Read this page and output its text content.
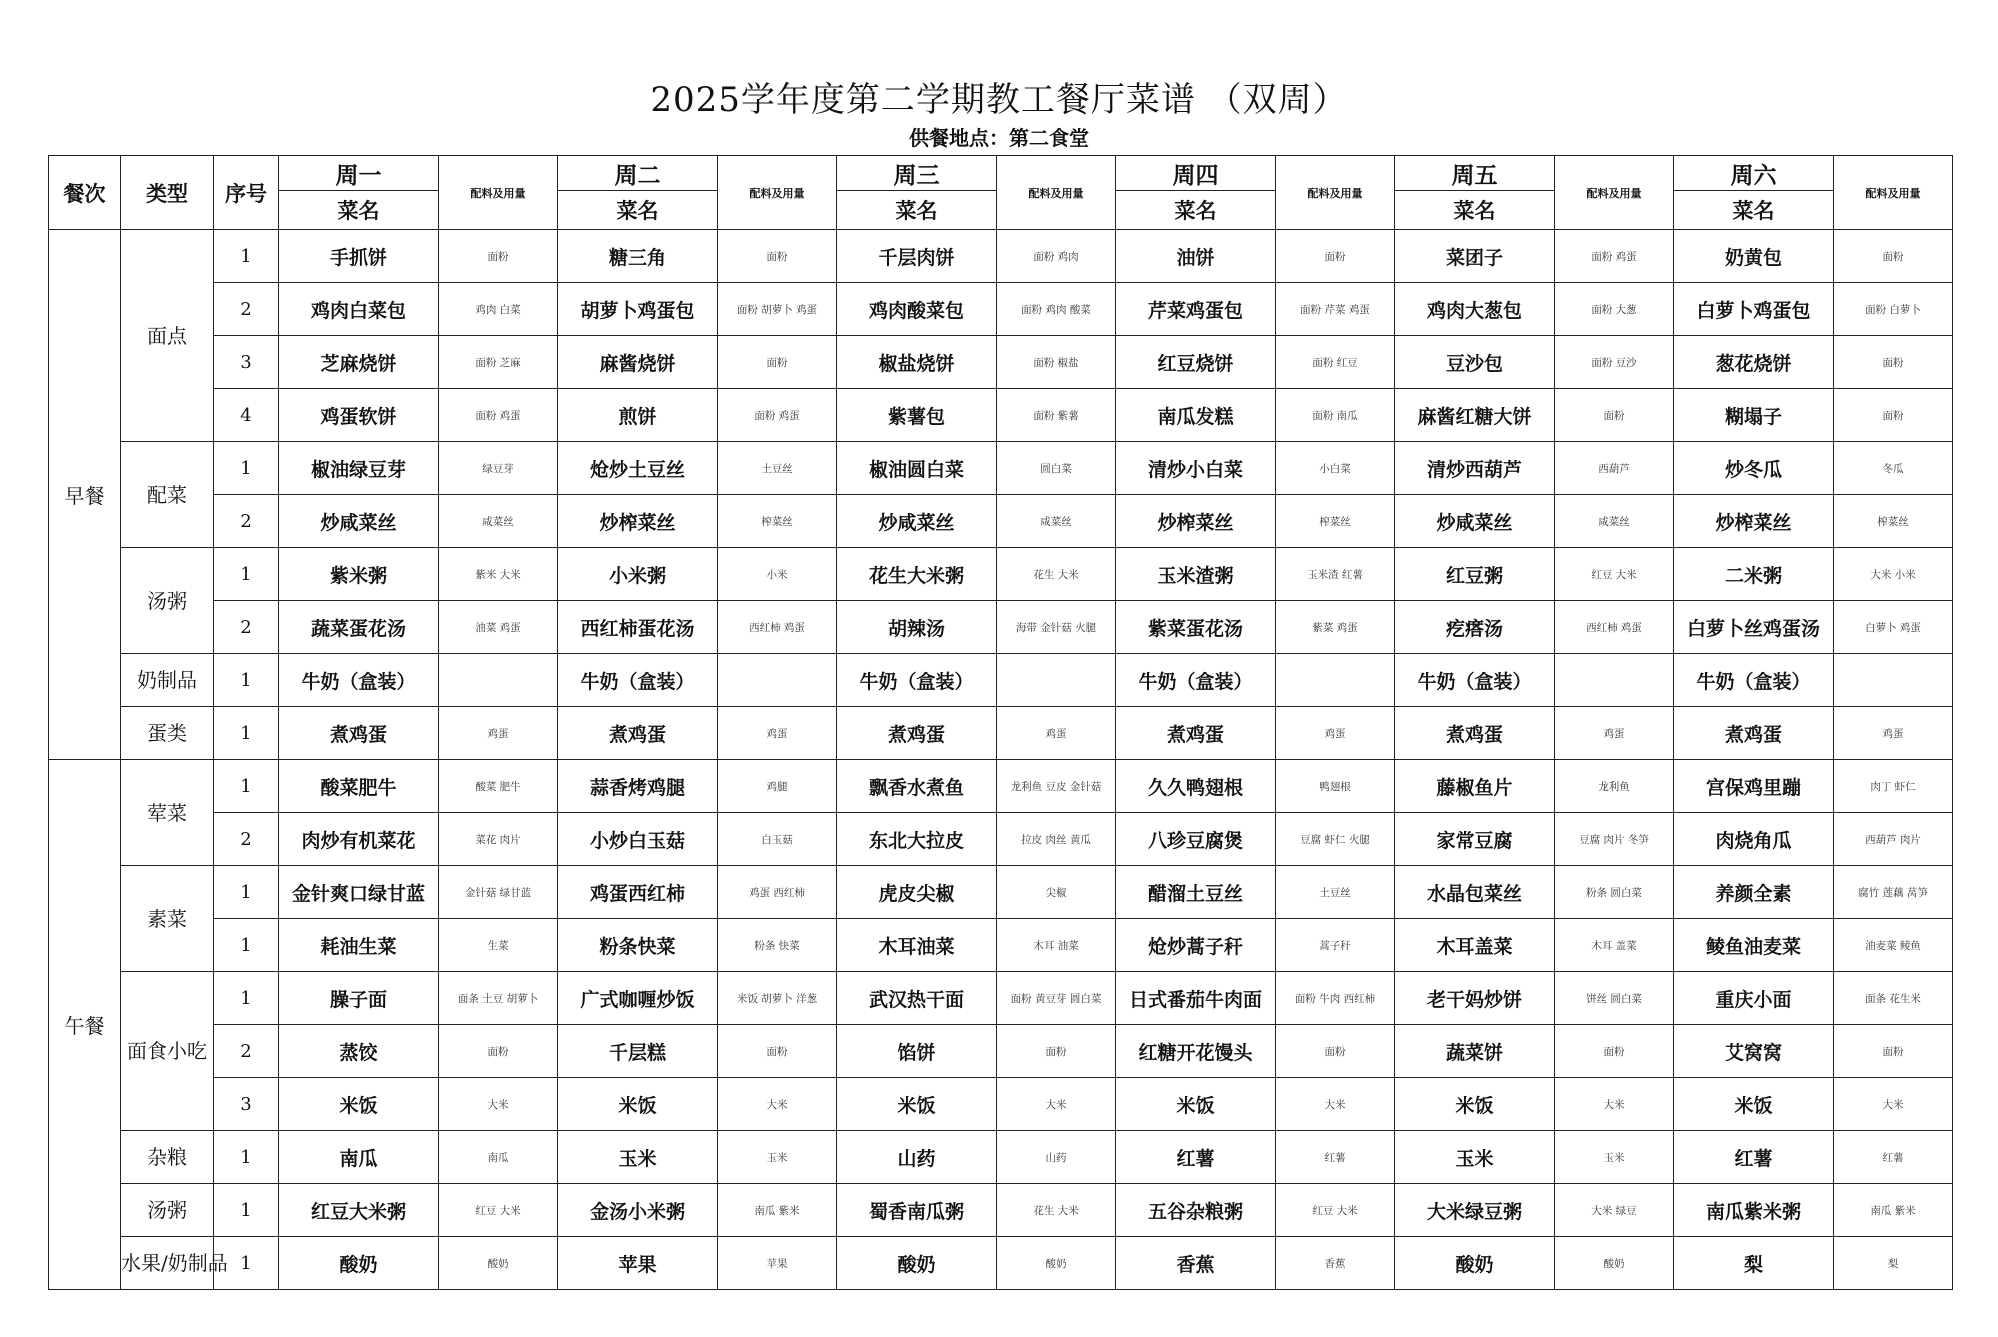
2025学年度第二学期教工餐厅菜谱 （双周）
供餐地点：第二食堂
餐次	类型	序号	周一	配料及用量	周二	配料及用量	周三	配料及用量	周四	配料及用量	周五	配料及用量	周六	配料及用量
			菜名		菜名		菜名		菜名		菜名		菜名	
早餐	面点	1	手抓饼	面粉	糖三角	面粉	千层肉饼	面粉 鸡肉	油饼	面粉	菜团子	面粉 鸡蛋	奶黄包	面粉
		2	鸡肉白菜包	鸡肉 白菜	胡萝卜鸡蛋包	面粉 胡萝卜 鸡蛋	鸡肉酸菜包	面粉 鸡肉 酸菜	芹菜鸡蛋包	面粉 芹菜 鸡蛋	鸡肉大葱包	面粉 大葱	白萝卜鸡蛋包	面粉 白萝卜
		3	芝麻烧饼	面粉 芝麻	麻酱烧饼	面粉	椒盐烧饼	面粉 椒盐	红豆烧饼	面粉 红豆	豆沙包	面粉 豆沙	葱花烧饼	面粉
		4	鸡蛋软饼	面粉 鸡蛋	煎饼	面粉 鸡蛋	紫薯包	面粉 紫薯	南瓜发糕	面粉 南瓜	麻酱红糖大饼	面粉	糊塌子	面粉
	配菜	1	椒油绿豆芽	绿豆芽	炝炒土豆丝	土豆丝	椒油圆白菜	圆白菜	清炒小白菜	小白菜	清炒西葫芦	西葫芦	炒冬瓜	冬瓜
		2	炒咸菜丝	咸菜丝	炒榨菜丝	榨菜丝	炒咸菜丝	咸菜丝	炒榨菜丝	榨菜丝	炒咸菜丝	咸菜丝	炒榨菜丝	榨菜丝
	汤粥	1	紫米粥	紫米 大米	小米粥	小米	花生大米粥	花生 大米	玉米渣粥	玉米渣 红薯	红豆粥	红豆 大米	二米粥	大米 小米
		2	蔬菜蛋花汤	油菜 鸡蛋	西红柿蛋花汤	西红柿 鸡蛋	胡辣汤	海带 金针菇 火腿	紫菜蛋花汤	紫菜 鸡蛋	疙瘩汤	西红柿 鸡蛋	白萝卜丝鸡蛋汤	白萝卜 鸡蛋
	奶制品	1	牛奶（盒装）		牛奶（盒装）		牛奶（盒装）		牛奶（盒装）		牛奶（盒装）		牛奶（盒装）	
	蛋类	1	煮鸡蛋	鸡蛋	煮鸡蛋	鸡蛋	煮鸡蛋	鸡蛋	煮鸡蛋	鸡蛋	煮鸡蛋	鸡蛋	煮鸡蛋	鸡蛋
午餐	荤菜	1	酸菜肥牛	酸菜 肥牛	蒜香烤鸡腿	鸡腿	飘香水煮鱼	龙利鱼 豆皮 金针菇	久久鸭翅根	鸭翅根	藤椒鱼片	龙利鱼	宫保鸡里蹦	肉丁 虾仁
		2	肉炒有机菜花	菜花 肉片	小炒白玉菇	白玉菇	东北大拉皮	拉皮 肉丝 黄瓜	八珍豆腐煲	豆腐 虾仁 火腿	家常豆腐	豆腐 肉片 冬笋	肉烧角瓜	西葫芦 肉片
	素菜	1	金针爽口绿甘蓝	金针菇 绿甘蓝	鸡蛋西红柿	鸡蛋 西红柿	虎皮尖椒	尖椒	醋溜土豆丝	土豆丝	水晶包菜丝	粉条 圆白菜	养颜全素	腐竹 莲藕 莴笋
		1	耗油生菜	生菜	粉条快菜	粉条 快菜	木耳油菜	木耳 油菜	炝炒蒿子秆	蒿子秆	木耳盖菜	木耳 盖菜	鲮鱼油麦菜	油麦菜 鲮鱼
	面食小吃	1	臊子面	面条 土豆 胡萝卜	广式咖喱炒饭	米饭 胡萝卜 洋葱	武汉热干面	面粉 黄豆芽 圆白菜	日式番茄牛肉面	面粉 牛肉 西红柿	老干妈炒饼	饼丝 圆白菜	重庆小面	面条 花生米
		2	蒸饺	面粉	千层糕	面粉	馅饼	面粉	红糖开花馒头	面粉	蔬菜饼	面粉	艾窝窝	面粉
		3	米饭	大米	米饭	大米	米饭	大米	米饭	大米	米饭	大米	米饭	大米
	杂粮	1	南瓜	南瓜	玉米	玉米	山药	山药	红薯	红薯	玉米	玉米	红薯	红薯
	汤粥	1	红豆大米粥	红豆 大米	金汤小米粥	南瓜 紫米	蜀香南瓜粥	花生 大米	五谷杂粮粥	红豆 大米	大米绿豆粥	大米 绿豆	南瓜紫米粥	南瓜 紫米
	水果/奶制品	1	酸奶	酸奶	苹果	苹果	酸奶	酸奶	香蕉	香蕉	酸奶	酸奶	梨	梨
